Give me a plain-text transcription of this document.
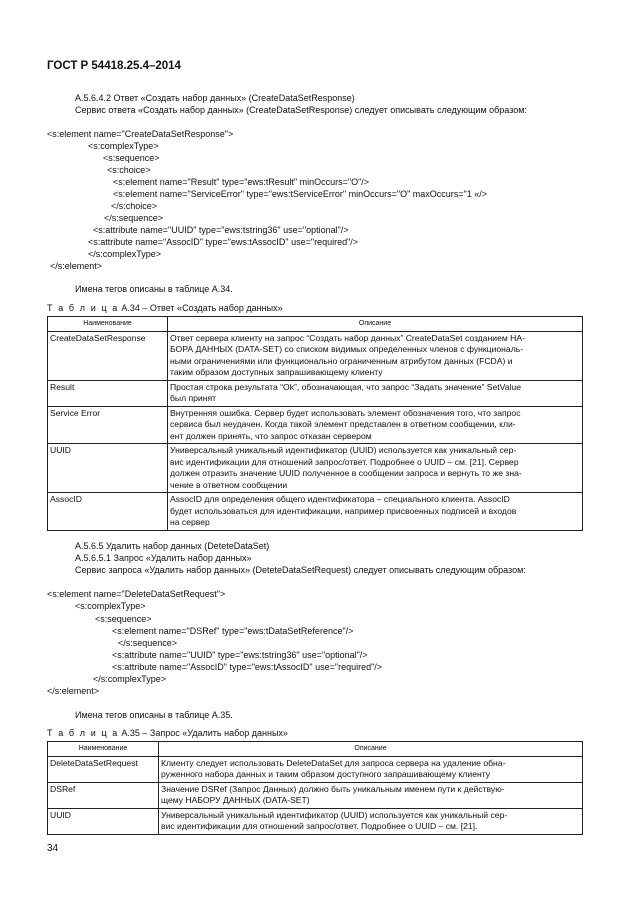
ГОСТ Р 54418.25.4–2014
А.5.6.4.2 Ответ «Создать набор данных» (CreateDataSetResponse)
Сервис ответа «Создать набор данных» (CreateDataSetResponse) следует описывать следующим образом:
<s:element name="CreateDataSetResponse">
<s:complexType>
<s:sequence>
<s:choice>
<s:element name="Result" type="ews:tResult" minOccurs="O"/>
<s:element name="ServiceError" type="ews:tServiceError" minOccurs="O" maxOccurs="1 «/>
</s:choice>
</s:sequence>
<s:attribute name="UUID" type="ews:tstring36" use="optional"/>
<s:attribute name="AssocID" type="ews:tAssocID" use="required"/>
</s:complexType>
</s:element>
Имена тегов описаны в таблице А.34.
Т а б л и ц а А.34 – Ответ «Создать набор данных»
Наименование	Описание
CreateDataSetResponse	Ответ сервера клиенту на запрос “Создать набор данных” CreateDataSet созданием НА-
БОРА ДАННЫХ (DATA-SET) со списком видимых определенных членов с функциональ-
ными ограничениями или функционально ограниченным атрибутом данных (FCDA) и
таким образом доступных запрашивающему клиенту

Result	Простая строка результата “Ok”, обозначающая, что запрос “Задать значение” SetValue
был принят

Service Error	Внутренняя ошибка. Сервер будет использовать элемент обозначения того, что запрос
сервиса был неудачен. Когда такой элемент представлен в ответном сообщении, кли-
ент должен принять, что запрос отказан сервером

UUID	Универсальный уникальный идентификатор (UUID) используется как уникальный сер-
вис идентификации для отношений запрос/ответ. Подробнее о UUID – см. [21]. Сервер
должен отразить значение UUID полученное в сообщении запроса и вернуть то же зна-
чение в ответном сообщении

AssocID	AssocID для определения общего идентификатора – специального клиента. AssocID
будет использоваться для идентификации, например присвоенных подписей и входов
на сервер
А.5.6.5 Удалить набор данных (DeteteDataSet)
А.5.6.5.1 Запрос «Удалить набор данных»
Сервис запроса «Удалить набор данных» (DeteteDataSetRequest) следует описывать следующим образом:
<s:element name="DeleteDataSetRequest">
<s:complexType>
<s:sequence>
<s:element name="DSRef" type="ews:tDataSetReference"/>
</s:sequence>
<s:attribute name="UUID" type="ews:tstring36" use="optional"/>
<s:attribute name="AssocID" type="ews:tAssocID" use="required"/>
</s:complexType>
</s:element>
Имена тегов описаны в таблице А.35.
Т а б л и ц а А.35 – Запрос «Удалить набор данных»
Наименование	Описание
DeleteDataSetRequest	Клиенту следует использовать DeleteDataSet для запроса сервера на удаление обна-
руженного набора данных и таким образом доступного запрашивающему клиенту

DSRef	Значение DSRef (Запрос Данных) должно быть уникальным именем пути к действую-
щему НАБОРУ ДАННЫХ (DATA-SET)

UUID	Универсальный уникальный идентификатор (UUID) используется как уникальный сер-
вис идентификации для отношений запрос/ответ. Подробнее о UUID – см. [21].
34
